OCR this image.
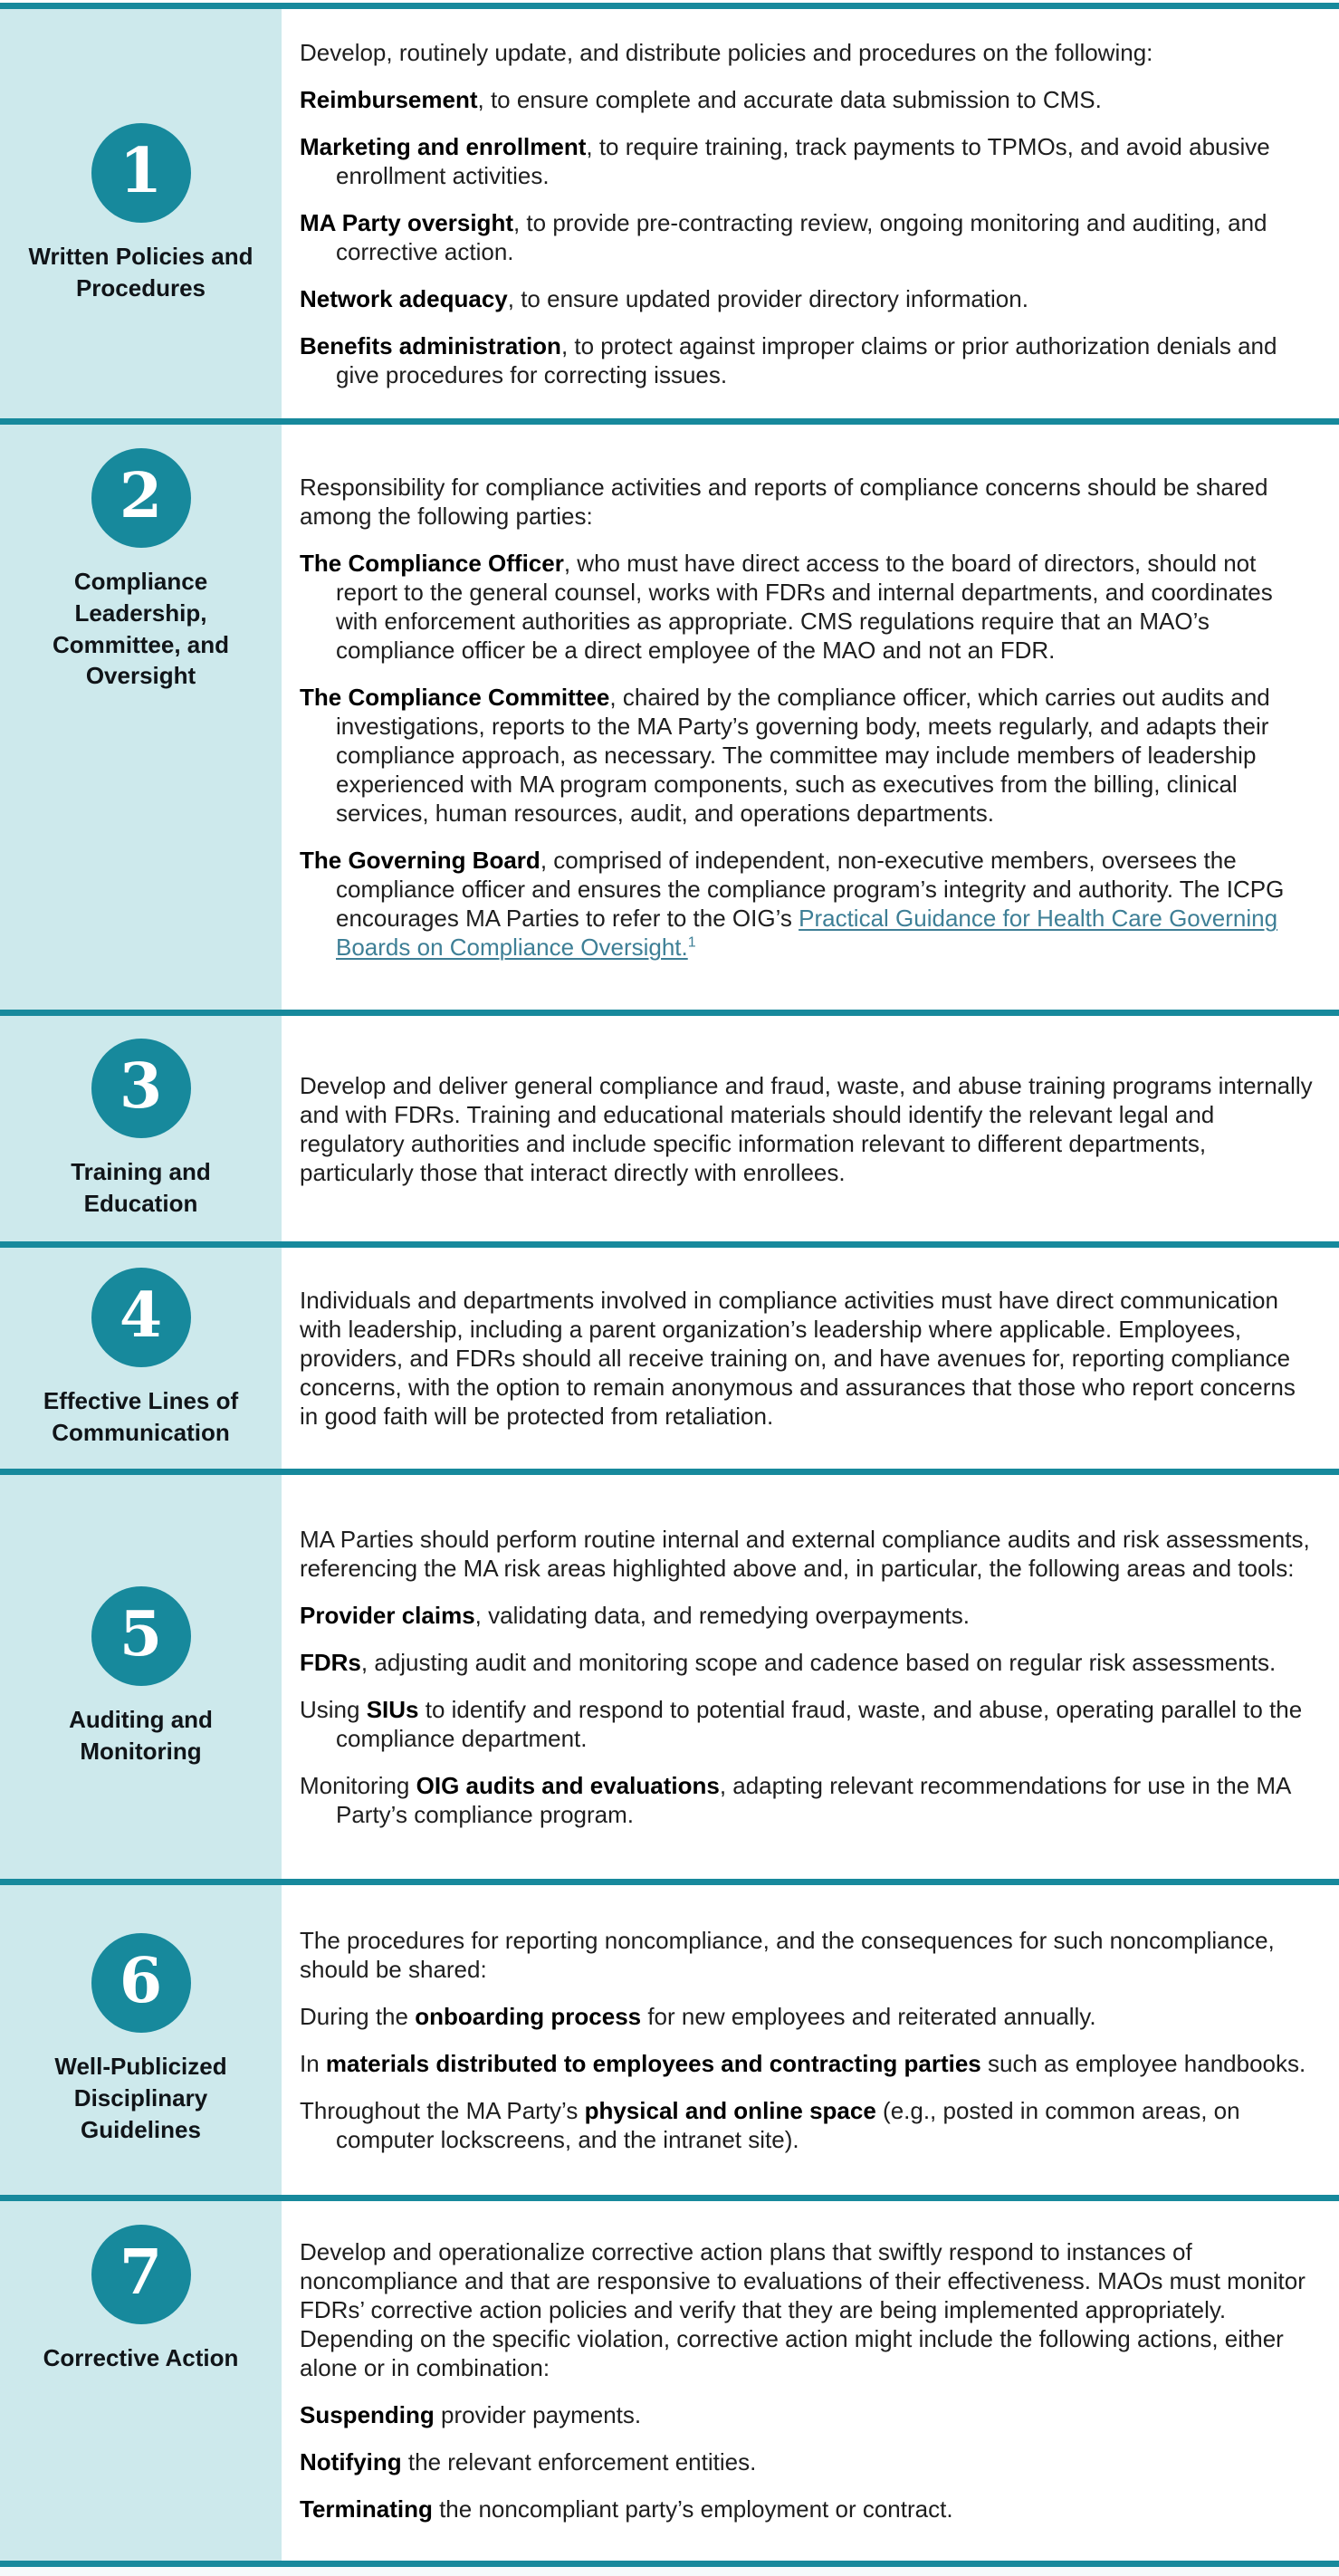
1
Written Policies and Procedures

Develop, routinely update, and distribute policies and procedures on the following:

Reimbursement, to ensure complete and accurate data submission to CMS.

Marketing and enrollment, to require training, track payments to TPMOs, and avoid abusive enrollment activities.

MA Party oversight, to provide pre-contracting review, ongoing monitoring and auditing, and corrective action.

Network adequacy, to ensure updated provider directory information.

Benefits administration, to protect against improper claims or prior authorization denials and give procedures for correcting issues.

2
Compliance Leadership, Committee, and Oversight

Responsibility for compliance activities and reports of compliance concerns should be shared among the following parties:

The Compliance Officer, who must have direct access to the board of directors, should not report to the general counsel, works with FDRs and internal departments, and coordinates with enforcement authorities as appropriate. CMS regulations require that an MAO’s compliance officer be a direct employee of the MAO and not an FDR.

The Compliance Committee, chaired by the compliance officer, which carries out audits and investigations, reports to the MA Party’s governing body, meets regularly, and adapts their compliance approach, as necessary. The committee may include members of leadership experienced with MA program components, such as executives from the billing, clinical services, human resources, audit, and operations departments.

The Governing Board, comprised of independent, non-executive members, oversees the compliance officer and ensures the compliance program’s integrity and authority. The ICPG encourages MA Parties to refer to the OIG’s Practical Guidance for Health Care Governing Boards on Compliance Oversight.$^1$

3
Training and Education

Develop and deliver general compliance and fraud, waste, and abuse training programs internally and with FDRs. Training and educational materials should identify the relevant legal and regulatory authorities and include specific information relevant to different departments, particularly those that interact directly with enrollees.

4
Effective Lines of Communication

Individuals and departments involved in compliance activities must have direct communication with leadership, including a parent organization’s leadership where applicable. Employees, providers, and FDRs should all receive training on, and have avenues for, reporting compliance concerns, with the option to remain anonymous and assurances that those who report concerns in good faith will be protected from retaliation.

5
Auditing and Monitoring

MA Parties should perform routine internal and external compliance audits and risk assessments, referencing the MA risk areas highlighted above and, in particular, the following areas and tools:

Provider claims, validating data, and remedying overpayments.

FDRs, adjusting audit and monitoring scope and cadence based on regular risk assessments.

Using SIUs to identify and respond to potential fraud, waste, and abuse, operating parallel to the compliance department.

Monitoring OIG audits and evaluations, adapting relevant recommendations for use in the MA Party’s compliance program.

6
Well-Publicized Disciplinary Guidelines

The procedures for reporting noncompliance, and the consequences for such noncompliance, should be shared:

During the onboarding process for new employees and reiterated annually.

In materials distributed to employees and contracting parties such as employee handbooks.

Throughout the MA Party’s physical and online space (e.g., posted in common areas, on computer lockscreens, and the intranet site).

7
Corrective Action

Develop and operationalize corrective action plans that swiftly respond to instances of noncompliance and that are responsive to evaluations of their effectiveness. MAOs must monitor FDRs’ corrective action policies and verify that they are being implemented appropriately. Depending on the specific violation, corrective action might include the following actions, either alone or in combination:

Suspending provider payments.

Notifying the relevant enforcement entities.

Terminating the noncompliant party’s employment or contract.
